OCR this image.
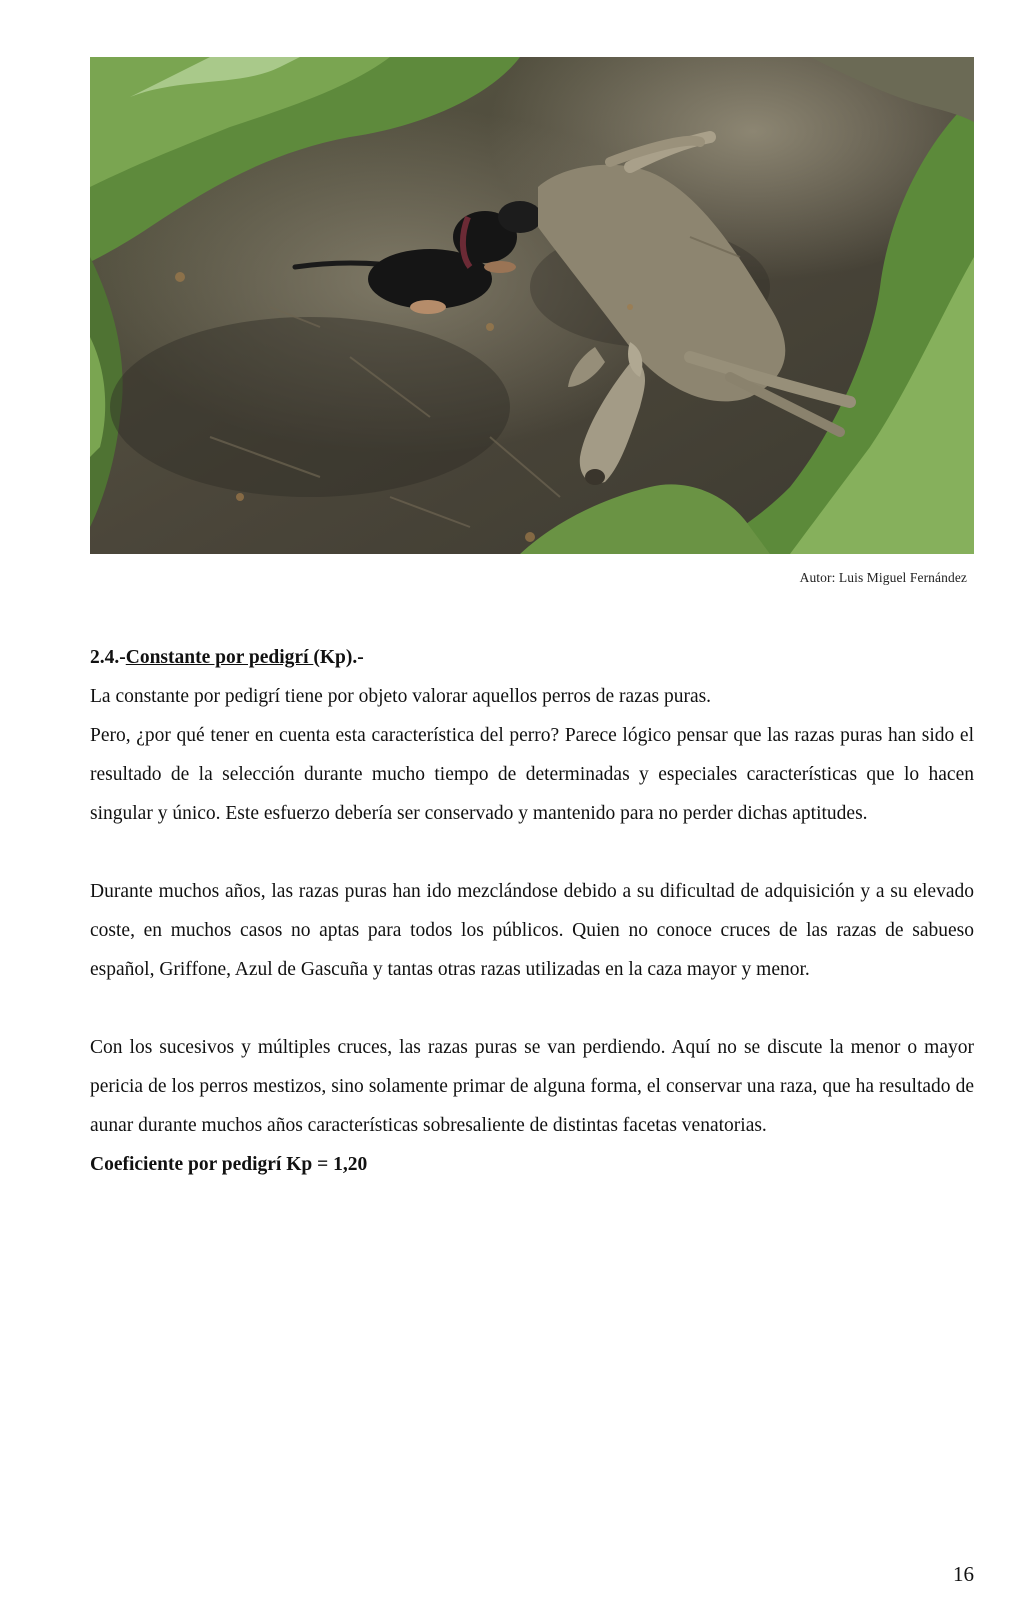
Autor: Luis Miguel Fernández

2.4.-Constante por pedigrí (Kp).-

La constante por pedigrí tiene por objeto valorar aquellos perros de razas puras.

Pero, ¿por qué tener en cuenta esta característica del perro? Parece lógico pensar que las razas puras han sido el resultado de la selección durante mucho tiempo de determinadas y especiales características que lo hacen singular y único. Este esfuerzo debería ser conservado y mantenido para no perder dichas aptitudes.

Durante muchos años, las razas puras han ido mezclándose debido a su dificultad de adquisición y a su elevado coste, en muchos casos no aptas para todos los públicos. Quien no conoce cruces de las razas de sabueso español, Griffone, Azul de Gascuña y tantas otras razas utilizadas en la caza mayor y menor.

Con los sucesivos y múltiples cruces, las razas puras se van perdiendo. Aquí no se discute la menor o mayor pericia de los perros mestizos, sino solamente primar de alguna forma, el conservar una raza, que ha resultado de aunar durante muchos años características sobresaliente de distintas facetas venatorias.

Coeficiente por pedigrí Kp = 1,20

16
